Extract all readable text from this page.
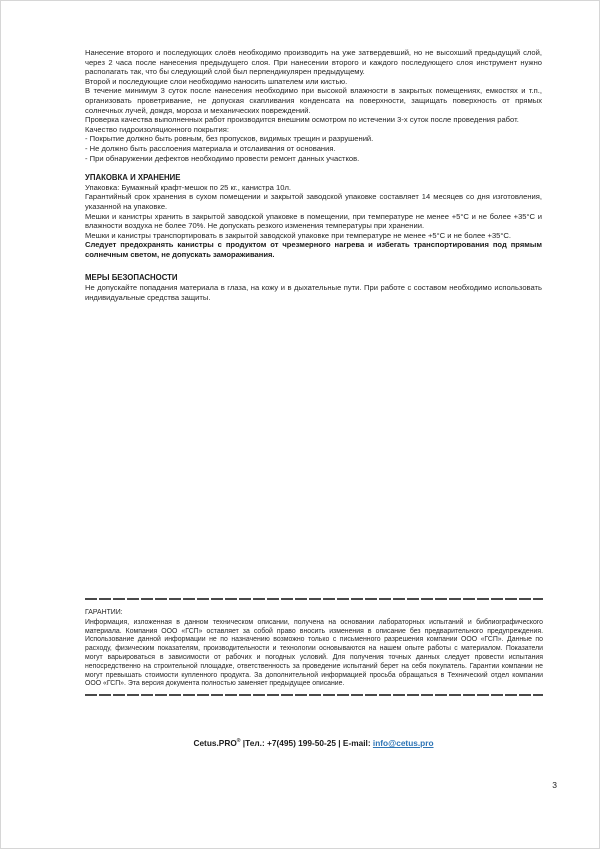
Нанесение второго и последующих слоёв необходимо производить на уже затвердевший, но не высохший предыдущий слой, через 2 часа после нанесения предыдущего слоя. При нанесении второго и каждого последующего слоя инструмент нужно располагать так, что бы следующий слой был перпендикулярен предыдущему.

Второй и последующие слои необходимо наносить шпателем или кистью.

В течение минимум 3 суток после нанесения необходимо при высокой влажности в закрытых помещениях, емкостях и т.п., организовать проветривание, не допуская скапливания конденсата на поверхности, защищать поверхность от прямых солнечных лучей, дождя, мороза и механических повреждений.

Проверка качества выполненных работ производится внешним осмотром по истечении 3-х суток после проведения работ.

Качество гидроизоляционного покрытия:

- Покрытие должно быть ровным, без пропусков, видимых трещин и разрушений.

- Не должно быть расслоения материала и отслаивания от основания.

- При обнаружении дефектов необходимо провести ремонт данных участков.

УПАКОВКА И ХРАНЕНИЕ

Упаковка: Бумажный крафт-мешок по 25 кг., канистра 10л.

Гарантийный срок хранения в сухом помещении и закрытой заводской упаковке составляет 14 месяцев со дня изготовления, указанной на упаковке.

Мешки и канистры хранить в закрытой заводской упаковке в помещении, при температуре не менее +5°С и не более +35°С и влажности воздуха не более 70%. Не допускать резкого изменения температуры при хранении.

Мешки и канистры транспортировать в закрытой заводской упаковке при температуре не менее +5°С и не более +35°С.

Следует предохранять канистры с продуктом от чрезмерного нагрева и избегать транспортирования под прямым солнечным светом, не допускать замораживания.

МЕРЫ БЕЗОПАСНОСТИ

Не допускайте попадания материала в глаза, на кожу и в дыхательные пути. При работе с составом необходимо использовать индивидуальные средства защиты.

ГАРАНТИИ:

Информация, изложенная в данном техническом описании, получена на основании лабораторных испытаний и библиографического материала. Компания ООО «ГСП» оставляет за собой право вносить изменения в описание без предварительного предупреждения. Использование данной информации не по назначению возможно только с письменного разрешения компании ООО «ГСП». Данные по расходу, физическим показателям, производительности и технологии основываются на нашем опыте работы с материалом. Показатели могут варьироваться в зависимости от рабочих и погодных условий. Для получения точных данных следует провести испытания непосредственно на строительной площадке, ответственность за проведение испытаний берет на себя покупатель. Гарантии компании не могут превышать стоимости купленного продукта. За дополнительной информацией просьба обращаться в Технический отдел компании ООО «ГСП». Эта версия документа полностью заменяет предыдущее описание.

Cetus.PRO® |Тел.: +7(495) 199-50-25 | E-mail: info@cetus.pro
3
